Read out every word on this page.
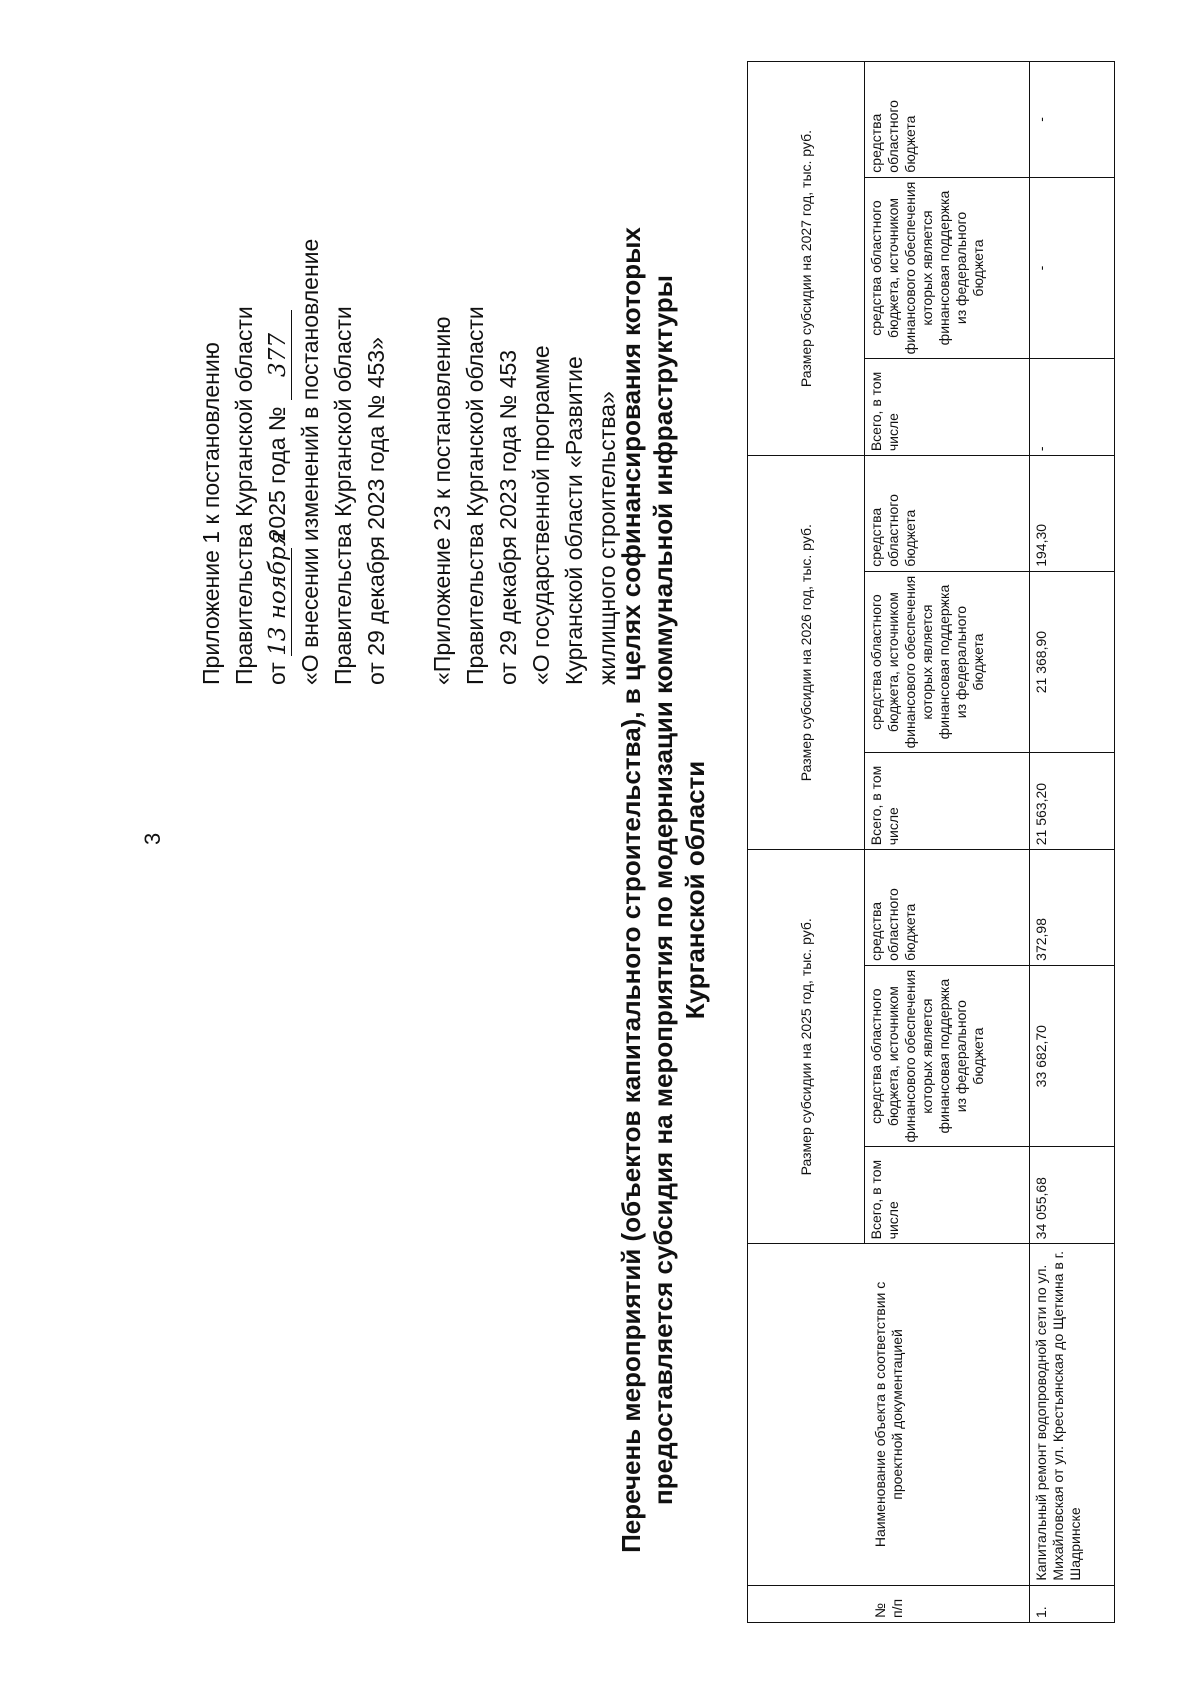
3
Приложение 1 к постановлению Правительства Курганской области от 13 ноября 2025 года № 377 «О внесении изменений в постановление Правительства Курганской области от 29 декабря 2023 года № 453» «Приложение 23 к постановлению Правительства Курганской области от 29 декабря 2023 года № 453 «О государственной программе Курганской области «Развитие жилищного строительства»
Перечень мероприятий (объектов капитального строительства), в целях софинансирования которых предоставляется субсидия на мероприятия по модернизации коммунальной инфраструктуры Курганской области
№ п/п	Наименование объекта в соответствии с проектной документацией	Размер субсидии на 2025 год, тыс. руб.			Размер субсидии на 2026 год, тыс. руб.			Размер субсидии на 2027 год, тыс. руб.		
		Всего, в том числе	средства областного бюджета, источником финансового обеспечения которых является финансовая поддержка из федерального бюджета	средства областного бюджета	Всего, в том числе	средства областного бюджета, источником финансового обеспечения которых является финансовая поддержка из федерального бюджета	средства областного бюджета	Всего, в том числе	средства областного бюджета, источником финансового обеспечения которых является финансовая поддержка из федерального бюджета	средства областного бюджета
1.	Капитальный ремонт водопроводной сети по ул. Михайловская от ул. Крестьянская до Щеткина в г. Шадринске	34 055,68	33 682,70	372,98	21 563,20	21 368,90	194,30	-	-	-
